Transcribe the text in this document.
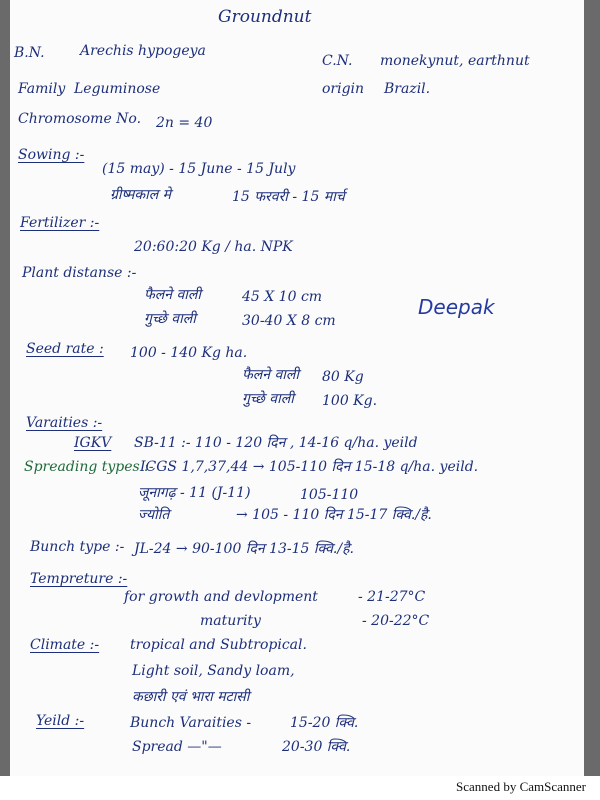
Groundnut
B.N.	Arechis hypogeya
C.N. monekynut, earthnut
Family Leguminose	origin Brazil.
Chromosome No. 2n = 40
Sowing :-
(15 may) - 15 June - 15 July
ग्रीष्मकाल मे	15 फरवरी - 15 मार्च
Fertilizer :-
20:60:20 Kg / ha. NPK
Plant distanse :-
फैलने वाली	45 X 10 cm
गुच्छे वाली	30-40 X 8 cm
Deepak
Seed rate : 100 - 140 Kg ha.
फैलने वाली 80 Kg
गुच्छे वाली 100 Kg.
Varaities :-
IGKV SB-11 :- 110 - 120 दिन , 14-16 q/ha. yeild
Spreading types :-
ICGS 1,7,37,44 → 105-110 दिन 15-18 q/ha. yeild.
जूनागढ़ - 11 (J-11)	105-110
ज्योति	→ 105 - 110 दिन 15-17 क्वि./है.
Bunch type :- JL-24 → 90-100 दिन 13-15 क्वि./है.
Tempreture :-
for growth and devlopment	- 21-27°C
maturity	- 20-22°C
Climate :- tropical and Subtropical.
Light soil, Sandy loam,
कछारी एवं भारा मटासी
Yeild :-	Bunch Varaities -	15-20 क्वि.
Spread —"—	20-30 क्वि.
Scanned by CamScanner
